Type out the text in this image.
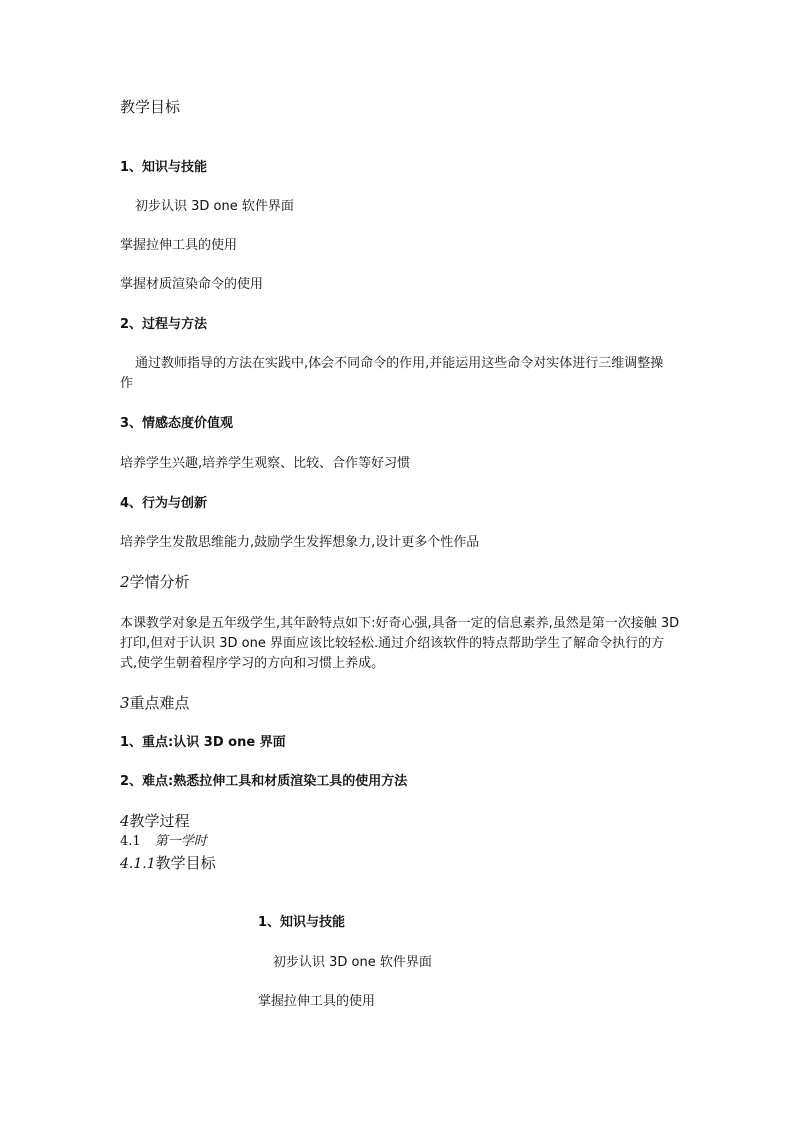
教学目标

1、知识与技能

初步认识 3D one 软件界面

掌握拉伸工具的使用

掌握材质渲染命令的使用

2、过程与方法

通过教师指导的方法在实践中,体会不同命令的作用,并能运用这些命令对实体进行三维调整操作

3、情感态度价值观

培养学生兴趣,培养学生观察、比较、合作等好习惯

4、行为与创新

培养学生发散思维能力,鼓励学生发挥想象力,设计更多个性作品

2学情分析

本课教学对象是五年级学生,其年龄特点如下:好奇心强,具备一定的信息素养,虽然是第一次接触 3D 打印,但对于认识 3D one 界面应该比较轻松.通过介绍该软件的特点帮助学生了解命令执行的方式,使学生朝着程序学习的方向和习惯上养成。

3重点难点

1、重点:认识 3D one 界面

2、难点:熟悉拉伸工具和材质渲染工具的使用方法

4教学过程

4.1 第一学时

4.1.1教学目标

1、知识与技能

初步认识 3D one 软件界面

掌握拉伸工具的使用
